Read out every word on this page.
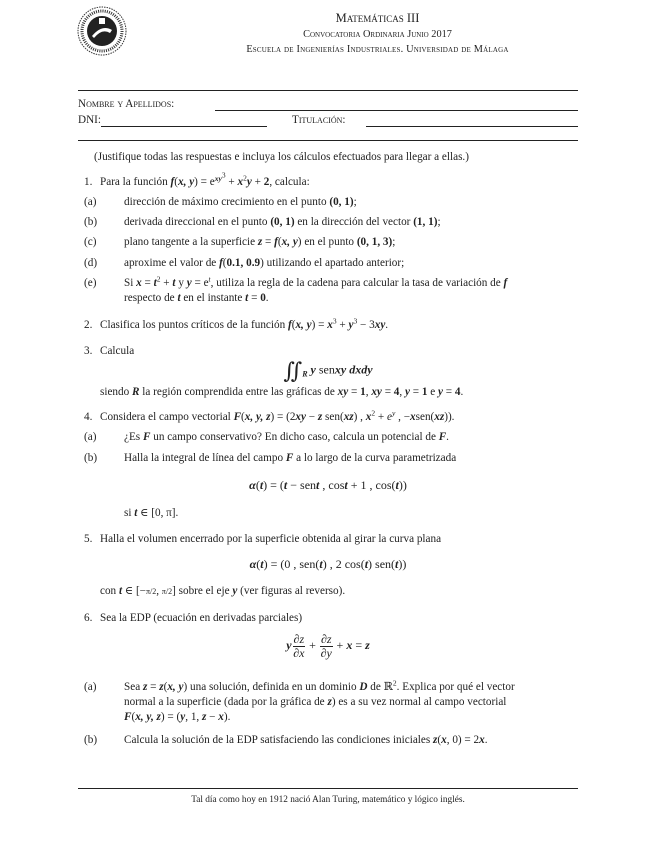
Matemáticas III
Convocatoria Ordinaria Junio 2017
Escuela de Ingenierías Industriales. Universidad de Málaga
Nombre y Apellidos:
DNI:	Titulación:
(Justifique todas las respuestas e incluya los cálculos efectuados para llegar a ellas.)
1. Para la función f(x, $y) = e^{xy^3} + x^2y + 2$, calcula:
(a) dirección de máximo crecimiento en el punto (0, 1);
(b) derivada direccional en el punto (0, 1) en la dirección del vector (1, 1);
(c) plano tangente a la superficie z = f(x, y) en el punto (0, 1, 3);
(d) aproxime el valor de f(0.1, 0.9) utilizando el apartado anterior;
(e) Si $x = t^2 + t$ y $y = e^t$, utiliza la regla de la cadena para calcular la tasa de variación de f
respecto de t en el instante t = 0.
2. Clasifica los puntos críticos de la función f(x, $y) = x^3 + y^3 - 3xy$.
3. Calcula
$∬_R$ y senxy dxdy
siendo R la región comprendida entre las gráficas de xy = 1, xy = 4, y = 1 e y = 4.
4. Considera el campo vectorial F(x, y, z) = (2xy − z sen(xz) , $x^2 + e^y$ , −xsen(xz)).
(a) ¿Es F un campo conservativo? En dicho caso, calcula un potencial de F.
(b) Halla la integral de línea del campo F a lo largo de la curva parametrizada
α(t) = (t − sent , cost + 1 , cos(t))
si t ∈ [0, π].
5. Halla el volumen encerrado por la superficie obtenida al girar la curva plana
α(t) = (0 , sen(t) , 2 cos(t) sen(t))
con t ∈ [−π/2, π/2] sobre el eje y (ver figuras al reverso).
6. Sea la EDP (ecuación en derivadas parciales)
y $\frac{\partial z}{\partial x} + \frac{\partial z}{\partial y} + x = z$
(a) Sea z = z(x, y) una solución, definida en un dominio D de ℝ$^2$. Explica por qué el vector
normal a la superficie (dada por la gráfica de z) es a su vez normal al campo vectorial
F(x, y, z) = (y, 1, z − x).
(b) Calcula la solución de la EDP satisfaciendo las condiciones iniciales z(x, 0) = 2x.
Tal día como hoy en 1912 nació Alan Turing, matemático y lógico inglés.
